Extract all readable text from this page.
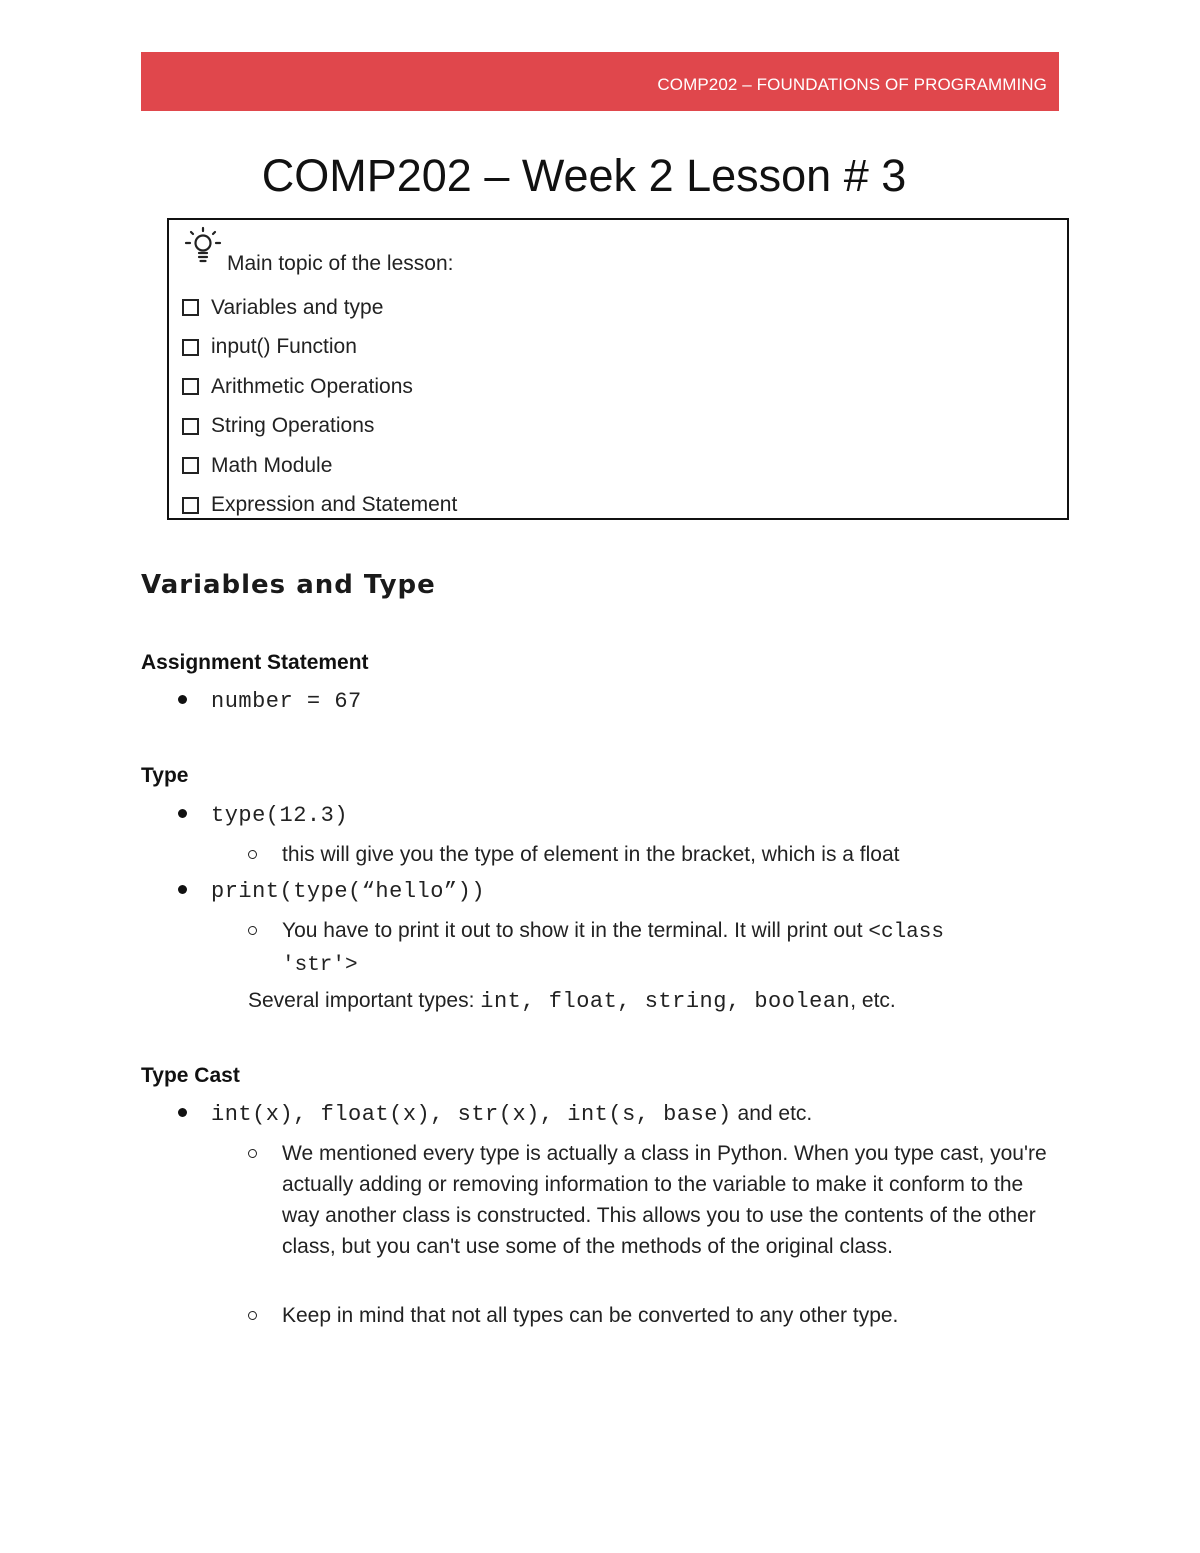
COMP202 – FOUNDATIONS OF PROGRAMMING
COMP202 – Week 2 Lesson # 3
Main topic of the lesson:
Variables and type
input() Function
Arithmetic Operations
String Operations
Math Module
Expression and Statement
Variables and Type
Assignment Statement
number = 67
Type
type(12.3)
this will give you the type of element in the bracket, which is a float
print(type(“hello”))
You have to print it out to show it in the terminal. It will print out <class
'str'>
Several important types: int, float, string, boolean, etc.
Type Cast
int(x), float(x), str(x), int(s, base) and etc.
We mentioned every type is actually a class in Python. When you type cast, you're actually adding or removing information to the variable to make it conform to the way another class is constructed. This allows you to use the contents of the other class, but you can't use some of the methods of the original class.
Keep in mind that not all types can be converted to any other type.
